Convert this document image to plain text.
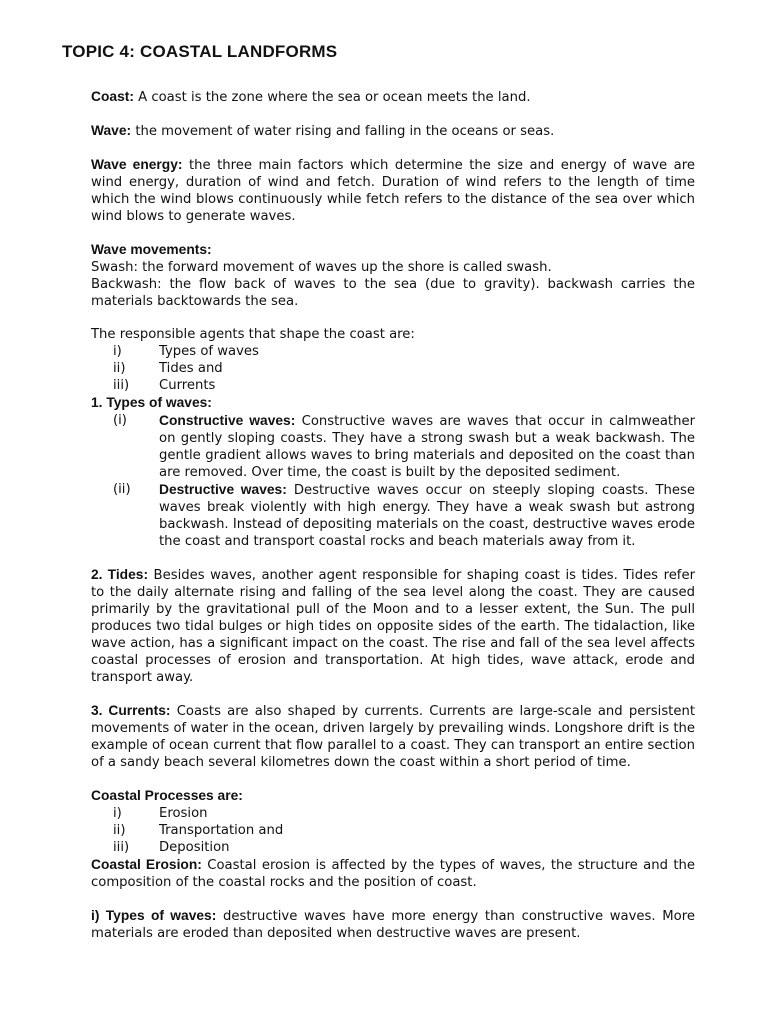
TOPIC 4: COASTAL LANDFORMS

Coast: A coast is the zone where the sea or ocean meets the land.

Wave: the movement of water rising and falling in the oceans or seas.

Wave energy: the three main factors which determine the size and energy of wave are wind energy, duration of wind and fetch. Duration of wind refers to the length of time which the wind blows continuously while fetch refers to the distance of the sea over which wind blows to generate waves.

Wave movements:

Swash: the forward movement of waves up the shore is called swash.

Backwash: the flow back of waves to the sea (due to gravity). backwash carries the materials backtowards the sea.

The responsible agents that shape the coast are:

i)	Types of waves
ii)	Tides and
iii)	Currents

1. Types of waves:

(i)	Constructive waves: Constructive waves are waves that occur in calmweather on gently sloping coasts. They have a strong swash but a weak backwash. The gentle gradient allows waves to bring materials and deposited on the coast than are removed. Over time, the coast is built by the deposited sediment.
(ii)	Destructive waves: Destructive waves occur on steeply sloping coasts. These waves break violently with high energy. They have a weak swash but astrong backwash. Instead of depositing materials on the coast, destructive waves erode the coast and transport coastal rocks and beach materials away from it.

2. Tides: Besides waves, another agent responsible for shaping coast is tides. Tides refer to the daily alternate rising and falling of the sea level along the coast. They are caused primarily by the gravitational pull of the Moon and to a lesser extent, the Sun. The pull produces two tidal bulges or high tides on opposite sides of the earth. The tidalaction, like wave action, has a significant impact on the coast. The rise and fall of the sea level affects coastal processes of erosion and transportation. At high tides, wave attack, erode and transport away.

3. Currents: Coasts are also shaped by currents. Currents are large-scale and persistent movements of water in the ocean, driven largely by prevailing winds. Longshore drift is the example of ocean current that flow parallel to a coast. They can transport an entire section of a sandy beach several kilometres down the coast within a short period of time.

Coastal Processes are:

i)	Erosion
ii)	Transportation and
iii)	Deposition

Coastal Erosion: Coastal erosion is affected by the types of waves, the structure and the composition of the coastal rocks and the position of coast.

i) Types of waves: destructive waves have more energy than constructive waves. More materials are eroded than deposited when destructive waves are present.
